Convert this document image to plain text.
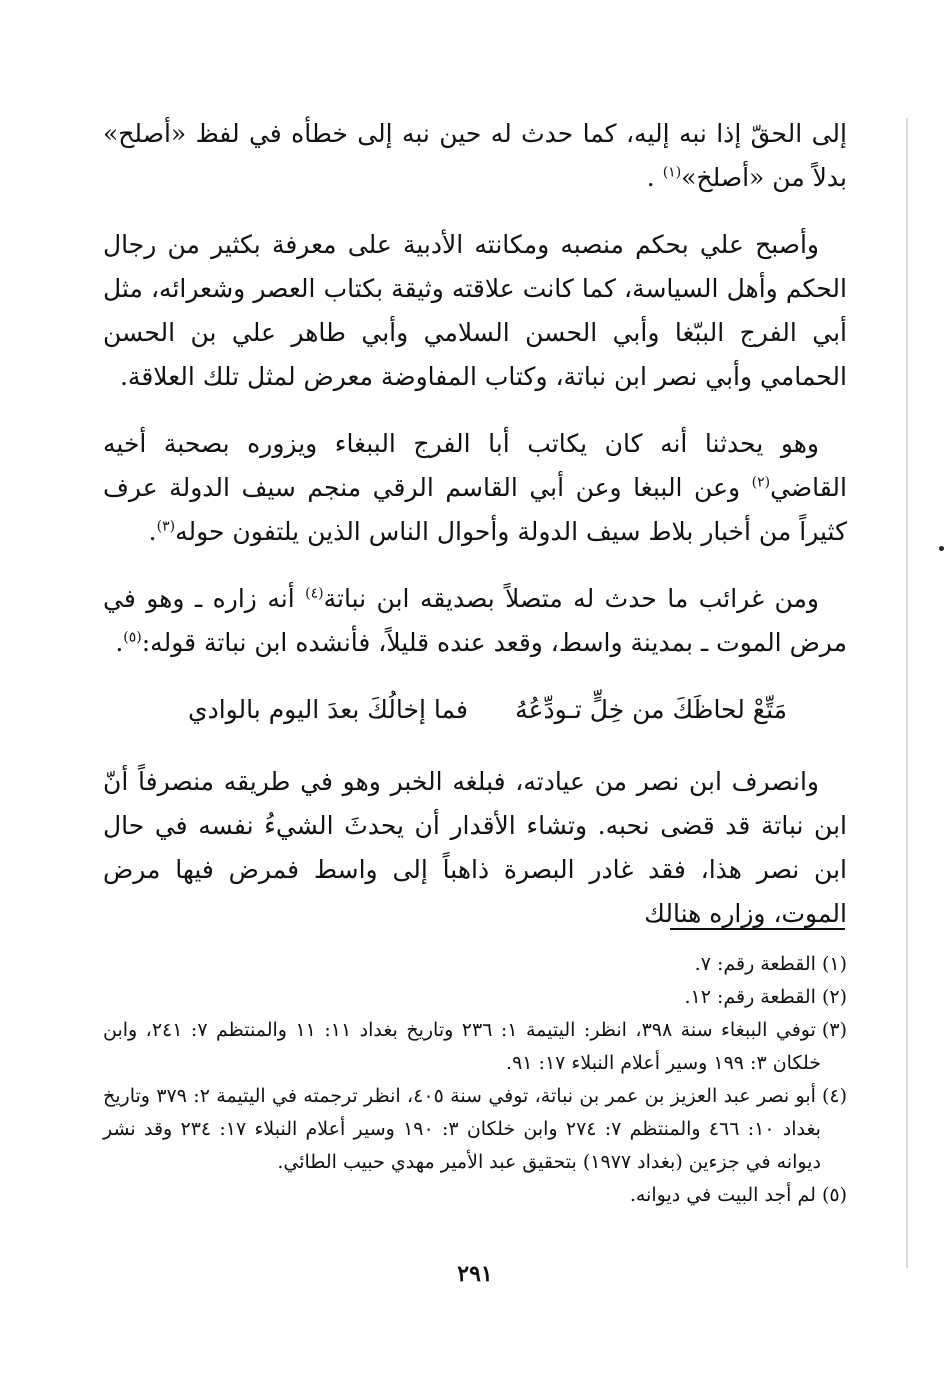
إلى الحقّ إذا نبه إليه، كما حدث له حين نبه إلى خطأه في لفظ «أصلح» بدلاً من «أصلخ»$^{(١)}$ .

وأصبح علي بحكم منصبه ومكانته الأدبية على معرفة بكثير من رجال الحكم وأهل السياسة، كما كانت علاقته وثيقة بكتاب العصر وشعرائه، مثل أبي الفرج الببّغا وأبي الحسن السلامي وأبي طاهر علي بن الحسن الحمامي وأبي نصر ابن نباتة، وكتاب المفاوضة معرض لمثل تلك العلاقة.

وهو يحدثنا أنه كان يكاتب أبا الفرج الببغاء ويزوره بصحبة أخيه القاضي$^{(٢)}$ وعن الببغا وعن أبي القاسم الرقي منجم سيف الدولة عرف كثيراً من أخبار بلاط سيف الدولة وأحوال الناس الذين يلتفون حوله$^{(٣)}$.

ومن غرائب ما حدث له متصلاً بصديقه ابن نباتة$^{(٤)}$ أنه زاره ـ وهو في مرض الموت ـ بمدينة واسط، وقعد عنده قليلاً، فأنشده ابن نباتة قوله:$^{(٥)}$.

مَتِّعْ لحاظَكَ من خِلٍّ تـودِّعُهُ
فما إخالُكَ بعدَ اليوم بالوادي

وانصرف ابن نصر من عيادته، فبلغه الخبر وهو في طريقه منصرفاً أنّ ابن نباتة قد قضى نحبه. وتشاء الأقدار أن يحدثَ الشيءُ نفسه في حال ابن نصر هذا، فقد غادر البصرة ذاهباً إلى واسط فمرض فيها مرض الموت، وزاره هنالك

(١)القطعة رقم: ٧.

(٢)القطعة رقم: ١٢.

(٣)توفي الببغاء سنة ٣٩٨، انظر: اليتيمة ١: ٢٣٦ وتاريخ بغداد ١١: ١١ والمنتظم ٧: ٢٤١، وابن خلكان ٣: ١٩٩ وسير أعلام النبلاء ١٧: ٩١.

(٤)أبو نصر عبد العزيز بن عمر بن نباتة، توفي سنة ٤٠٥، انظر ترجمته في اليتيمة ٢: ٣٧٩ وتاريخ بغداد ١٠: ٤٦٦ والمنتظم ٧: ٢٧٤ وابن خلكان ٣: ١٩٠ وسير أعلام النبلاء ١٧: ٢٣٤ وقد نشر ديوانه في جزءين (بغداد ١٩٧٧) بتحقيق عبد الأمير مهدي حبيب الطائي.

(٥)لم أجد البيت في ديوانه.

٢٩١
